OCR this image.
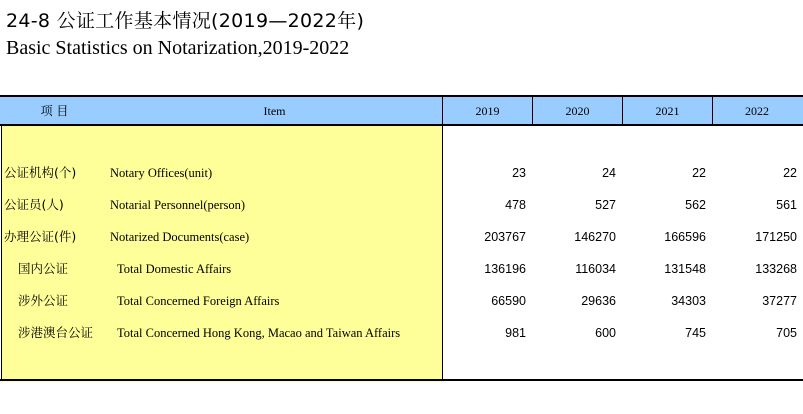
24-8 公证工作基本情况(2019—2022年)
Basic Statistics on Notarization,2019-2022
项 目	Item	2019	2020	2021	2022
公证机构(个)	Notary Offices(unit)	23	24	22	22
公证员(人)	Notarial Personnel(person)	478	527	562	561
办理公证(件)	Notarized Documents(case)	203767	146270	166596	171250
国内公证	Total Domestic Affairs	136196	116034	131548	133268
涉外公证	Total Concerned Foreign Affairs	66590	29636	34303	37277
涉港澳台公证 Total Concerned Hong Kong, Macao and Taiwan Affairs	981	600	745	705
